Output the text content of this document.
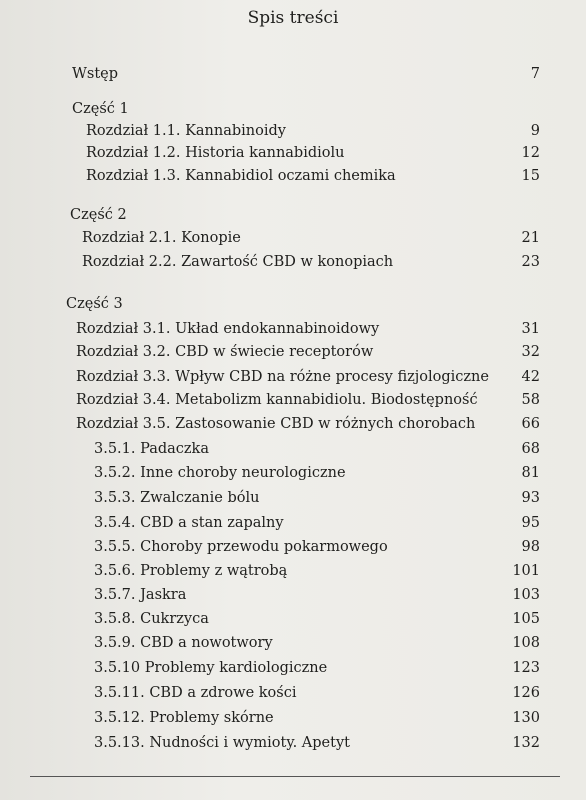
Spis treści
Wstęp	7
Część 1
Rozdział 1.1. Kannabinoidy	9
Rozdział 1.2. Historia kannabidiolu	12
Rozdział 1.3. Kannabidiol oczami chemika	15
Część 2
Rozdział 2.1. Konopie	21
Rozdział 2.2. Zawartość CBD w konopiach	23
Część 3
Rozdział 3.1. Układ endokannabinoidowy	31
Rozdział 3.2. CBD w świecie receptorów	32
Rozdział 3.3. Wpływ CBD na różne procesy fizjologiczne 42
Rozdział 3.4. Metabolizm kannabidiolu. Biodostępność	58
Rozdział 3.5. Zastosowanie CBD w różnych chorobach	66
3.5.1. Padaczka	68
3.5.2. Inne choroby neurologiczne	81
3.5.3. Zwalczanie bólu	93
3.5.4. CBD a stan zapalny	95
3.5.5. Choroby przewodu pokarmowego	98
3.5.6. Problemy z wątrobą	101
3.5.7. Jaskra	103
3.5.8. Cukrzyca	105
3.5.9. CBD a nowotwory	108
3.5.10 Problemy kardiologiczne	123
3.5.11. CBD a zdrowe kości	126
3.5.12. Problemy skórne	130
3.5.13. Nudności i wymioty. Apetyt	132
